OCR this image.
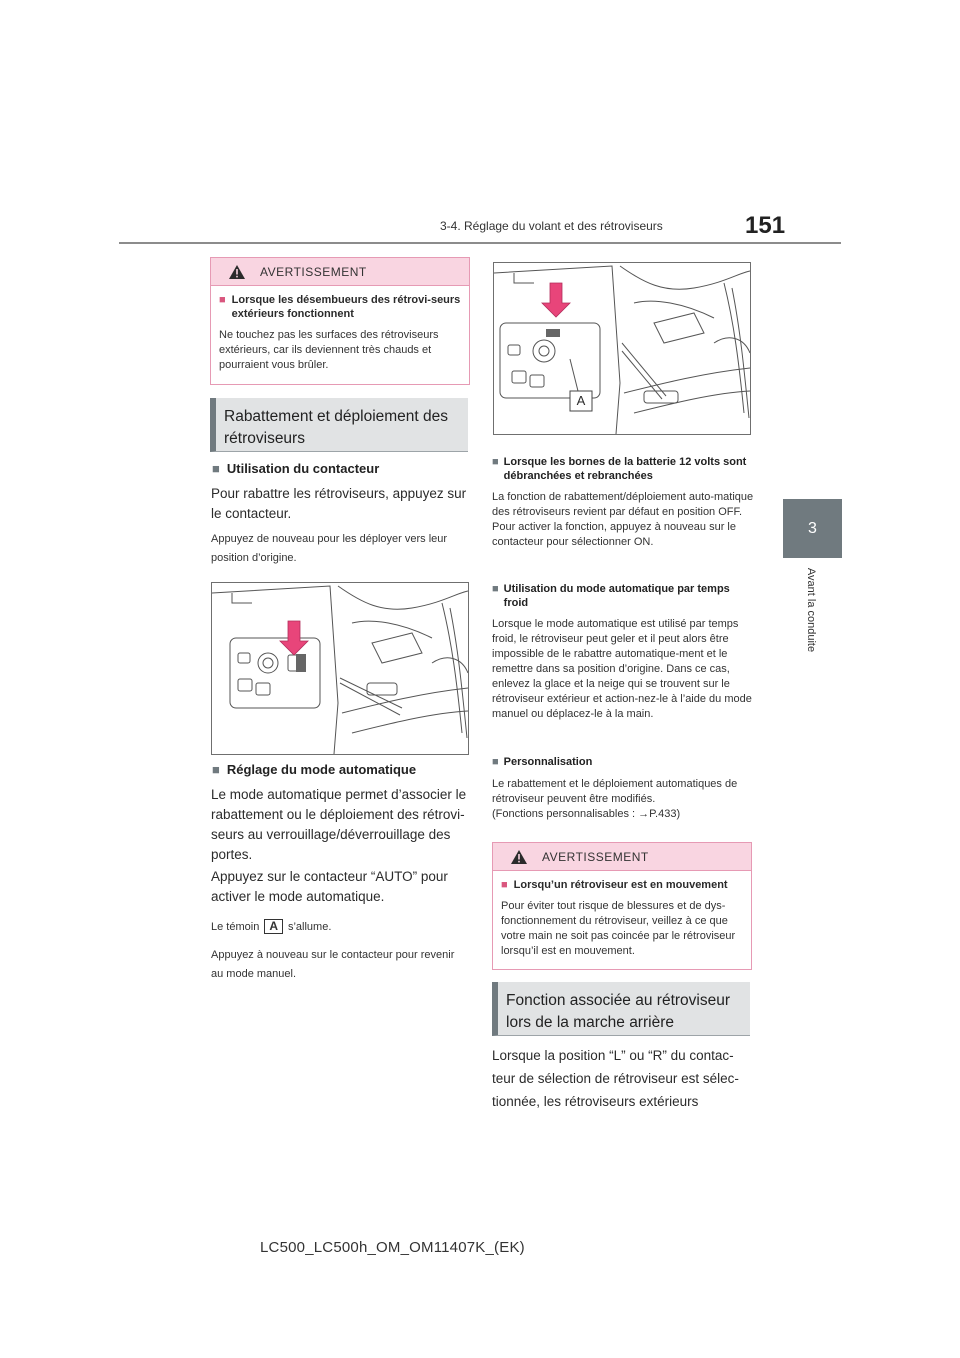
3-4. Réglage du volant et des rétroviseurs	151
3
Avant la conduite
AVERTISSEMENT
■ Lorsque les désembueurs des rétrovi-seurs extérieurs fonctionnent
Ne touchez pas les surfaces des rétroviseurs extérieurs, car ils deviennent très chauds et pourraient vous brûler.
Rabattement et déploiement des rétroviseurs
■ Utilisation du contacteur
Pour rabattre les rétroviseurs, appuyez sur le contacteur.
Appuyez de nouveau pour les déployer vers leur position d’origine.
■ Réglage du mode automatique
Le mode automatique permet d’associer le rabattement ou le déploiement des rétrovi-seurs au verrouillage/déverrouillage des portes.
Appuyez sur le contacteur “AUTO” pour activer le mode automatique.
Le témoin A s’allume.
Appuyez à nouveau sur le contacteur pour revenir au mode manuel.
A
■ Lorsque les bornes de la batterie 12 volts sont débranchées et rebranchées
La fonction de rabattement/déploiement auto-matique des rétroviseurs revient par défaut en position OFF. Pour activer la fonction, appuyez à nouveau sur le contacteur pour sélectionner ON.
■ Utilisation du mode automatique par temps froid
Lorsque le mode automatique est utilisé par temps froid, le rétroviseur peut geler et il peut alors être impossible de le rabattre automatique-ment et le remettre dans sa position d’origine. Dans ce cas, enlevez la glace et la neige qui se trouvent sur le rétroviseur extérieur et action-nez-le à l’aide du mode manuel ou déplacez-le à la main.
■ Personnalisation
Le rabattement et le déploiement automatiques de rétroviseur peuvent être modifiés.
(Fonctions personnalisables : →P.433)
AVERTISSEMENT
■ Lorsqu’un rétroviseur est en mouvement
Pour éviter tout risque de blessures et de dys-fonctionnement du rétroviseur, veillez à ce que votre main ne soit pas coincée par le rétroviseur lorsqu’il est en mouvement.
Fonction associée au rétroviseur lors de la marche arrière
Lorsque la position “L” ou “R” du contac-teur de sélection de rétroviseur est sélec-tionnée, les rétroviseurs extérieurs
LC500_LC500h_OM_OM11407K_(EK)
